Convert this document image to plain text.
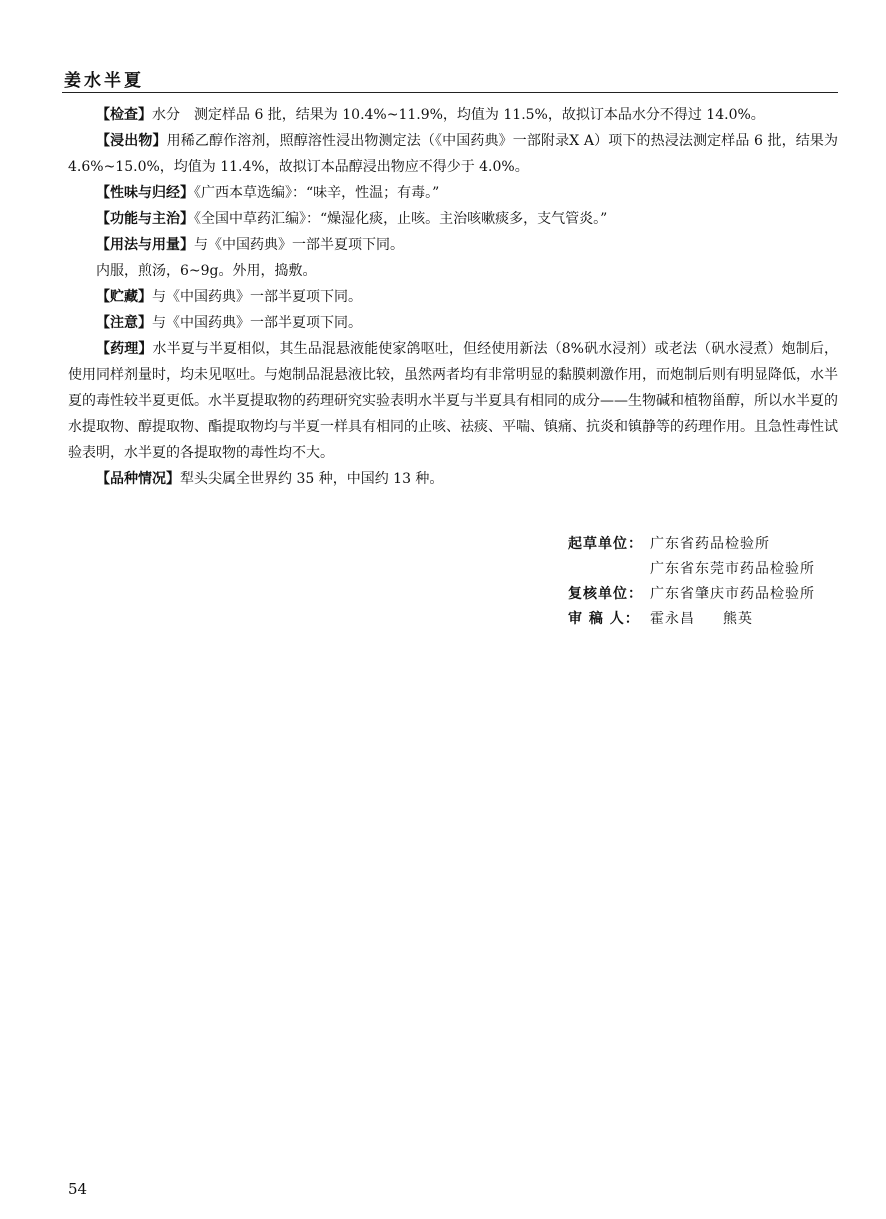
姜水半夏

【检查】水分　测定样品 6 批，结果为 10.4%~11.9%，均值为 11.5%，故拟订本品水分不得过 14.0%。

【浸出物】用稀乙醇作溶剂，照醇溶性浸出物测定法（《中国药典》一部附录Ⅹ A）项下的热浸法测定样品 6 批，结果为 4.6%~15.0%，均值为 11.4%，故拟订本品醇浸出物应不得少于 4.0%。

【性味与归经】《广西本草选编》：“味辛，性温；有毒。”

【功能与主治】《全国中草药汇编》：“燥湿化痰，止咳。主治咳嗽痰多，支气管炎。”

【用法与用量】与《中国药典》一部半夏项下同。

内服，煎汤，6~9g。外用，捣敷。

【贮藏】与《中国药典》一部半夏项下同。

【注意】与《中国药典》一部半夏项下同。

【药理】水半夏与半夏相似，其生品混悬液能使家鸽呕吐，但经使用新法（8%矾水浸剂）或老法（矾水浸煮）炮制后，使用同样剂量时，均未见呕吐。与炮制品混悬液比较，虽然两者均有非常明显的黏膜刺激作用，而炮制后则有明显降低，水半夏的毒性较半夏更低。水半夏提取物的药理研究实验表明水半夏与半夏具有相同的成分——生物碱和植物甾醇，所以水半夏的水提取物、醇提取物、酯提取物均与半夏一样具有相同的止咳、祛痰、平喘、镇痛、抗炎和镇静等的药理作用。且急性毒性试验表明，水半夏的各提取物的毒性均不大。

【品种情况】犁头尖属全世界约 35 种，中国约 13 种。

起草单位： 广东省药品检验所
广东省东莞市药品检验所
复核单位： 广东省肇庆市药品检验所
审 稿 人： 霍永昌 熊英
54
